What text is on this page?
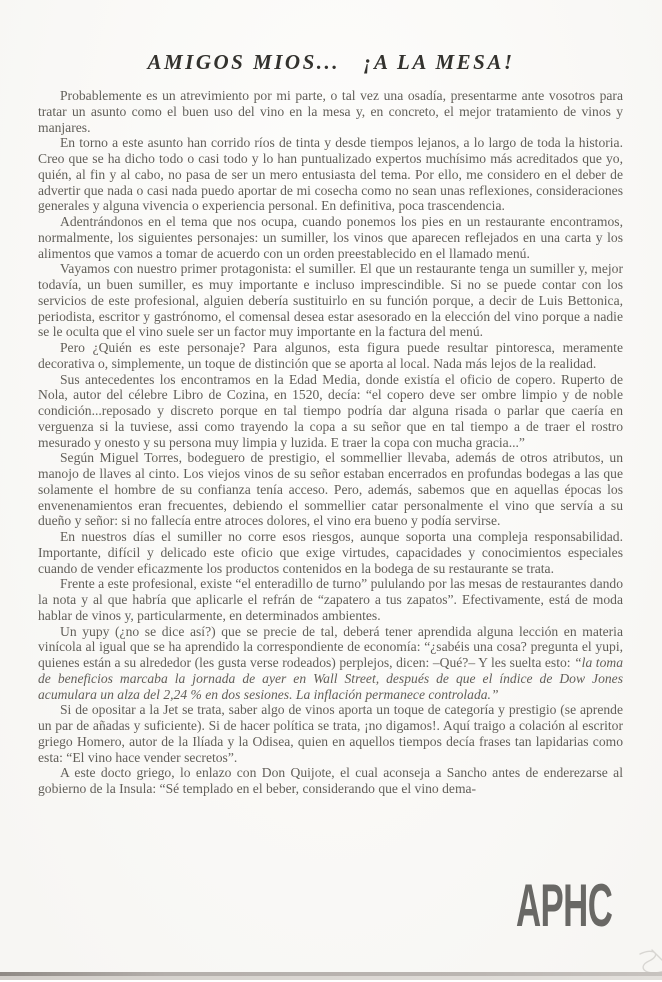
AMIGOS MIOS...   ¡A LA MESA!

Probablemente es un atrevimiento por mi parte, o tal vez una osadía, presentarme ante vosotros para tratar un asunto como el buen uso del vino en la mesa y, en concreto, el mejor tratamiento de vinos y manjares.

En torno a este asunto han corrido ríos de tinta y desde tiempos lejanos, a lo largo de toda la historia. Creo que se ha dicho todo o casi todo y lo han puntualizado expertos muchísimo más acreditados que yo, quién, al fin y al cabo, no pasa de ser un mero entusiasta del tema. Por ello, me considero en el deber de advertir que nada o casi nada puedo aportar de mi cosecha como no sean unas reflexiones, consideraciones generales y alguna vivencia o experiencia personal. En definitiva, poca trascendencia.

Adentrándonos en el tema que nos ocupa, cuando ponemos los pies en un restaurante encontramos, normalmente, los siguientes personajes: un sumiller, los vinos que aparecen reflejados en una carta y los alimentos que vamos a tomar de acuerdo con un orden preestablecido en el llamado menú.

Vayamos con nuestro primer protagonista: el sumiller. El que un restaurante tenga un sumiller y, mejor todavía, un buen sumiller, es muy importante e incluso imprescindible. Si no se puede contar con los servicios de este profesional, alguien debería sustituirlo en su función porque, a decir de Luis Bettonica, periodista, escritor y gastrónomo, el comensal desea estar asesorado en la elección del vino porque a nadie se le oculta que el vino suele ser un factor muy importante en la factura del menú.

Pero ¿Quién es este personaje? Para algunos, esta figura puede resultar pintoresca, meramente decorativa o, simplemente, un toque de distinción que se aporta al local. Nada más lejos de la realidad.

Sus antecedentes los encontramos en la Edad Media, donde existía el oficio de copero. Ruperto de Nola, autor del célebre Libro de Cozina, en 1520, decía: “el copero deve ser ombre limpio y de noble condición...reposado y discreto porque en tal tiempo podría dar alguna risada o parlar que caería en verguenza si la tuviese, assi como trayendo la copa a su señor que en tal tiempo a de traer el rostro mesurado y onesto y su persona muy limpia y luzida. E traer la copa con mucha gracia...”

Según Miguel Torres, bodeguero de prestigio, el sommellier llevaba, además de otros atributos, un manojo de llaves al cinto. Los viejos vinos de su señor estaban encerrados en profundas bodegas a las que solamente el hombre de su confianza tenía acceso. Pero, además, sabemos que en aquellas épocas los envenenamientos eran frecuentes, debiendo el sommellier catar personalmente el vino que servía a su dueño y señor: si no fallecía entre atroces dolores, el vino era bueno y podía servirse.

En nuestros días el sumiller no corre esos riesgos, aunque soporta una compleja responsabilidad. Importante, difícil y delicado este oficio que exige virtudes, capacidades y conocimientos especiales cuando de vender eficazmente los productos contenidos en la bodega de su restaurante se trata.

Frente a este profesional, existe “el enteradillo de turno” pululando por las mesas de restaurantes dando la nota y al que habría que aplicarle el refrán de “zapatero a tus zapatos”. Efectivamente, está de moda hablar de vinos y, particularmente, en determinados ambientes.

Un yupy (¿no se dice así?) que se precie de tal, deberá tener aprendida alguna lección en materia vinícola al igual que se ha aprendido la correspondiente de economía: “¿sabéis una cosa? pregunta el yupi, quienes están a su alrededor (les gusta verse rodeados) perplejos, dicen: –Qué?– Y les suelta esto: “la toma de beneficios marcaba la jornada de ayer en Wall Street, después de que el índice de Dow Jones acumulara un alza del 2,24 % en dos sesiones. La inflación permanece controlada.”

Si de opositar a la Jet se trata, saber algo de vinos aporta un toque de categoría y prestigio (se aprende un par de añadas y suficiente). Si de hacer política se trata, ¡no digamos!. Aquí traigo a colación al escritor griego Homero, autor de la Ilíada y la Odisea, quien en aquellos tiempos decía frases tan lapidarias como esta: “El vino hace vender secretos”.

A este docto griego, lo enlazo con Don Quijote, el cual aconseja a Sancho antes de enderezarse al gobierno de la Insula: “Sé templado en el beber, considerando que el vino dema-

APHC
